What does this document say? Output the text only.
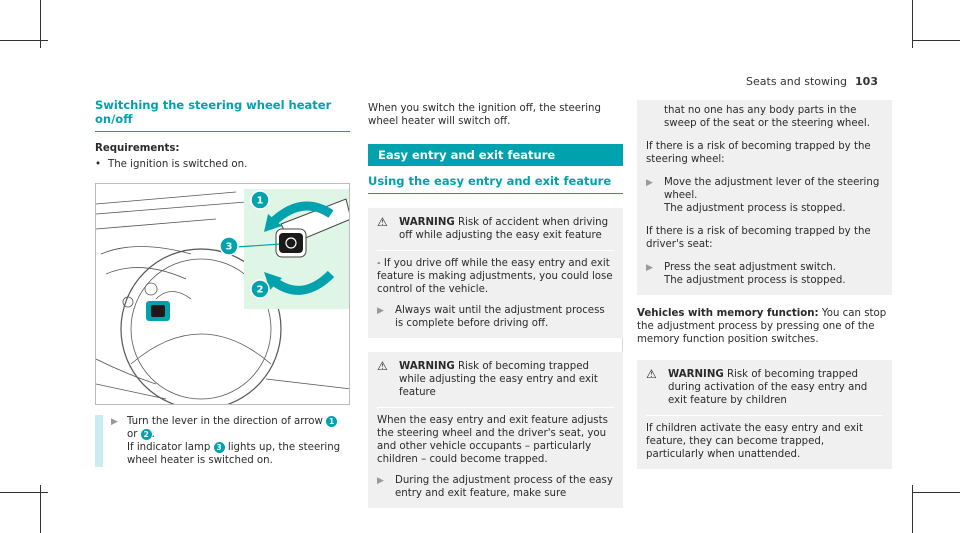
Seats and stowing 103
Switching the steering wheel heater on/off
Requirements:
• The ignition is switched on.
1
3
2
▶ Turn the lever in the direction of arrow 1 or 2 .
If indicator lamp 3 lights up, the steering wheel heater is switched on.
When you switch the ignition off, the steering wheel heater will switch off.
Easy entry and exit feature
Using the easy entry and exit feature
⚠	WARNING Risk of accident when driving off while adjusting the easy exit feature
- If you drive off while the easy entry and exit feature is making adjustments, you could lose control of the vehicle.
▶	Always wait until the adjustment process is complete before driving off.
⚠	WARNING Risk of becoming trapped while adjusting the easy entry and exit feature
When the easy entry and exit feature adjusts the steering wheel and the driver's seat, you and other vehicle occupants – particularly children – could become trapped.
▶	During the adjustment process of the easy entry and exit feature, make sure
that no one has any body parts in the sweep of the seat or the steering wheel.
If there is a risk of becoming trapped by the steering wheel:
▶	Move the adjustment lever of the steering wheel.
The adjustment process is stopped.
If there is a risk of becoming trapped by the driver's seat:
▶	Press the seat adjustment switch.
The adjustment process is stopped.
Vehicles with memory function: You can stop the adjustment process by pressing one of the memory function position switches.
⚠	WARNING Risk of becoming trapped during activation of the easy entry and exit feature by children
If children activate the easy entry and exit feature, they can become trapped, particularly when unattended.
